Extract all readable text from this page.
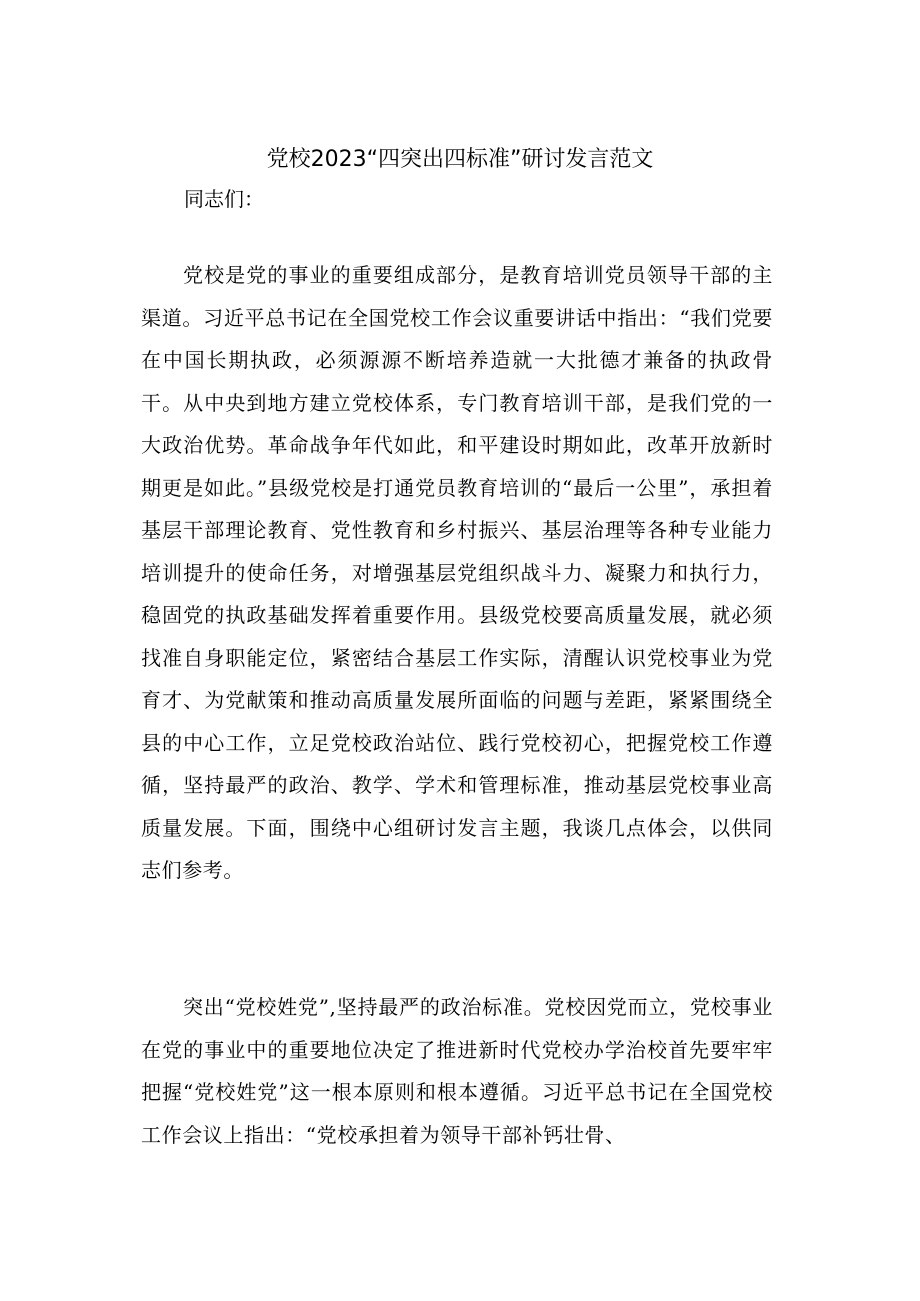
党校2023“四突出四标准”研讨发言范文
同志们：
党校是党的事业的重要组成部分，是教育培训党员领导干部的主渠道。习近平总书记在全国党校工作会议重要讲话中指出：“我们党要在中国长期执政，必须源源不断培养造就一大批德才兼备的执政骨干。从中央到地方建立党校体系，专门教育培训干部，是我们党的一大政治优势。革命战争年代如此，和平建设时期如此，改革开放新时期更是如此。”县级党校是打通党员教育培训的“最后一公里”，承担着基层干部理论教育、党性教育和乡村振兴、基层治理等各种专业能力培训提升的使命任务，对增强基层党组织战斗力、凝聚力和执行力，稳固党的执政基础发挥着重要作用。县级党校要高质量发展，就必须找准自身职能定位，紧密结合基层工作实际，清醒认识党校事业为党育才、为党献策和推动高质量发展所面临的问题与差距，紧紧围绕全县的中心工作，立足党校政治站位、践行党校初心，把握党校工作遵循，坚持最严的政治、教学、学术和管理标准，推动基层党校事业高质量发展。下面，围绕中心组研讨发言主题，我谈几点体会，以供同志们参考。
突出“党校姓党”,坚持最严的政治标准。党校因党而立，党校事业在党的事业中的重要地位决定了推进新时代党校办学治校首先要牢牢把握“党校姓党”这一根本原则和根本遵循。习近平总书记在全国党校工作会议上指出：“党校承担着为领导干部补钙壮骨、
